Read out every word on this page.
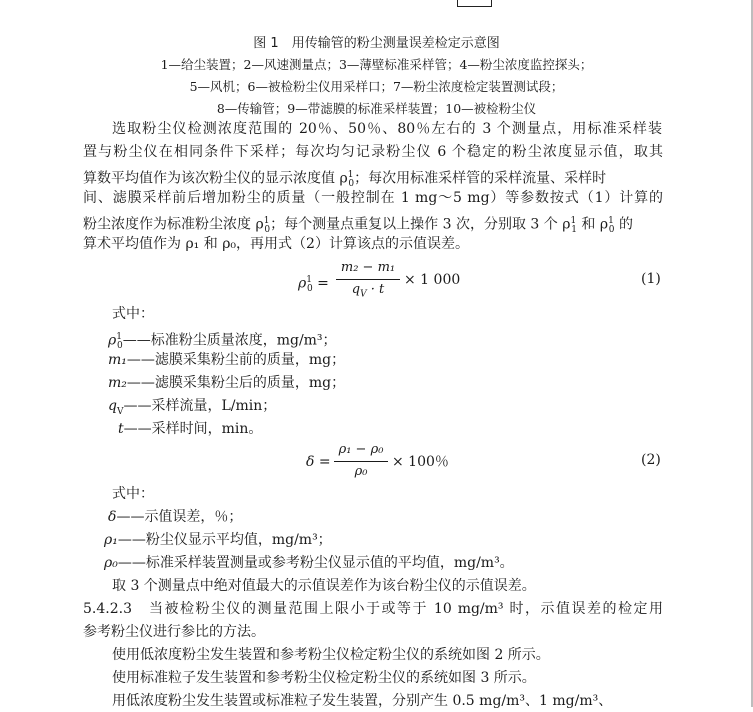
图 1　用传输管的粉尘测量误差检定示意图
1—给尘装置；2—风速测量点；3—薄壁标准采样管；4—粉尘浓度监控探头；
5—风机；6—被检粉尘仪用采样口；7—粉尘浓度检定装置测试段；
8—传输管；9—带滤膜的标准采样装置；10—被检粉尘仪
选取粉尘仪检测浓度范围的 20％、50％、80％左右的 3 个测量点，用标准采样装
置与粉尘仪在相同条件下采样；每次均匀记录粉尘仪 6 个稳定的粉尘浓度显示值，取其
算数平均值作为该次粉尘仪的显示浓度值 $\rho^1_0$；每次用标准采样管的采样流量、采样时
间、滤膜采样前后增加粉尘的质量（一般控制在 1 mg～5 mg）等参数按式（1）计算的
粉尘浓度作为标准粉尘浓度 $\rho^1_0$；每个测量点重复以上操作 3 次，分别取 3 个 $\rho^1_1$ 和 $\rho^1_0$ 的
算术平均值作为 ρ₁ 和 ρ₀，再用式（2）计算该点的示值误差。
$\rho^1_0$ =
m₂ − m₁
$q_V \cdot t$
× 1 000	(1)
式中：
$\rho^1_0——$标准粉尘质量浓度，mg/m³；
m₁——滤膜采集粉尘前的质量，mg；
m₂——滤膜采集粉尘后的质量，mg；
$q_V——$采样流量，L/min；
t——采样时间，min。
δ =
ρ₁ − ρ₀
ρ₀
× 100％	(2)
式中：
δ——示值误差，％；
ρ₁——粉尘仪显示平均值，mg/m³；
ρ₀——标准采样装置测量或参考粉尘仪显示值的平均值，mg/m³。
取 3 个测量点中绝对值最大的示值误差作为该台粉尘仪的示值误差。
5.4.2.3　当被检粉尘仪的测量范围上限小于或等于 10 mg/m³ 时，示值误差的检定用
参考粉尘仪进行参比的方法。
使用低浓度粉尘发生装置和参考粉尘仪检定粉尘仪的系统如图 2 所示。
使用标准粒子发生装置和参考粉尘仪检定粉尘仪的系统如图 3 所示。
用低浓度粉尘发生装置或标准粒子发生装置，分别产生 0.5 mg/m³、1 mg/m³、
